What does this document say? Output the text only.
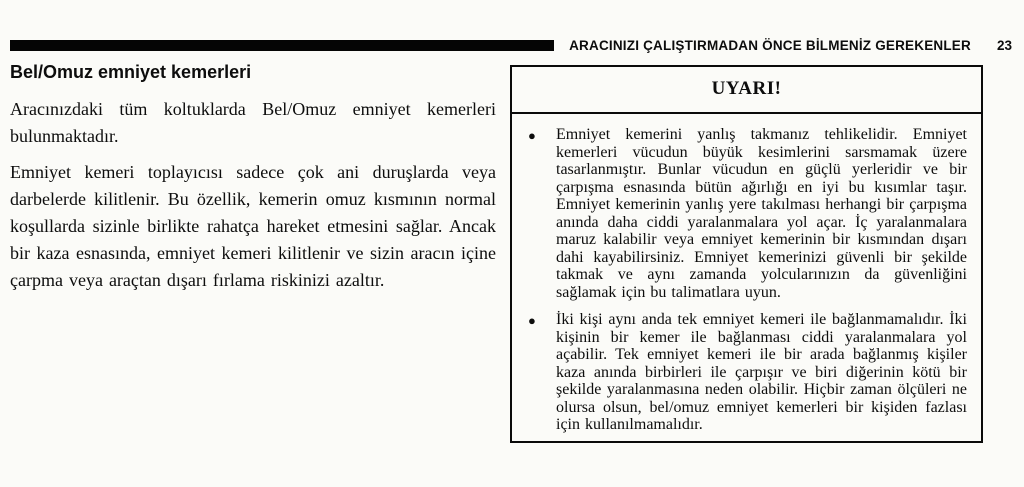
ARACINIZI ÇALIŞTIRMADAN ÖNCE BİLMENİZ GEREKENLER 23
Bel/Omuz emniyet kemerleri

Aracınızdaki tüm koltuklarda Bel/Omuz emniyet kemerleri bulunmaktadır.

Emniyet kemeri toplayıcısı sadece çok ani duruşlarda veya darbelerde kilitlenir. Bu özellik, kemerin omuz kısmının normal koşullarda sizinle birlikte rahatça hareket etmesini sağlar. Ancak bir kaza esnasında, emniyet kemeri kilitlenir ve sizin aracın içine çarpma veya araçtan dışarı fırlama riskinizi azaltır.

UYARI!
●	Emniyet kemerini yanlış takmanız tehlikelidir. Emniyet kemerleri vücudun büyük kesimlerini sarsmamak üzere tasarlanmıştır. Bunlar vücudun en güçlü yerleridir ve bir çarpışma esnasında bütün ağırlığı en iyi bu kısımlar taşır. Emniyet kemerinin yanlış yere takılması herhangi bir çarpışma anında daha ciddi yaralanmalara yol açar. İç yaralanmalara maruz kalabilir veya emniyet kemerinin bir kısmından dışarı dahi kayabilirsiniz. Emniyet kemerinizi güvenli bir şekilde takmak ve aynı zamanda yolcularınızın da güvenliğini sağlamak için bu talimatlara uyun.
●	İki kişi aynı anda tek emniyet kemeri ile bağlanmamalıdır. İki kişinin bir kemer ile bağlanması ciddi yaralanmalara yol açabilir. Tek emniyet kemeri ile bir arada bağlanmış kişiler kaza anında birbirleri ile çarpışır ve biri diğerinin kötü bir şekilde yaralanmasına neden olabilir. Hiçbir zaman ölçüleri ne olursa olsun, bel/omuz emniyet kemerleri bir kişiden fazlası için kullanılmamalıdır.
